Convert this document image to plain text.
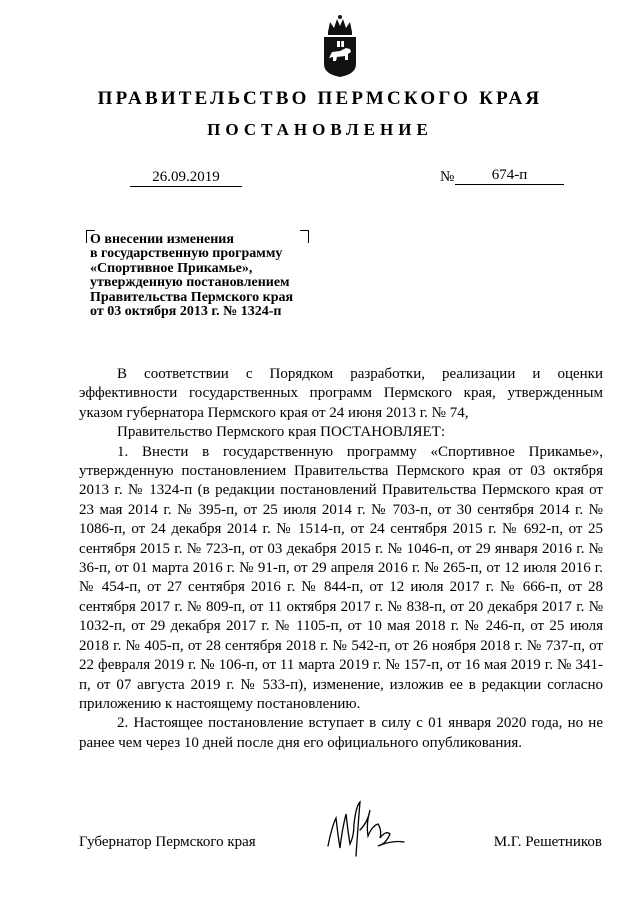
ПРАВИТЕЛЬСТВО ПЕРМСКОГО КРАЯ
ПОСТАНОВЛЕНИЕ
26.09.2019	№	674-п
О внесении изменения
в государственную программу
«Спортивное Прикамье»,
утвержденную постановлением
Правительства Пермского края
от 03 октября 2013 г. № 1324-п

В соответствии с Порядком разработки, реализации и оценки эффективности государственных программ Пермского края, утвержденным указом губернатора Пермского края от 24 июня 2013 г. № 74,

Правительство Пермского края ПОСТАНОВЛЯЕТ:

1. Внести в государственную программу «Спортивное Прикамье», утвержденную постановлением Правительства Пермского края от 03 октября 2013 г. № 1324-п (в редакции постановлений Правительства Пермского края от 23 мая 2014 г. № 395-п, от 25 июля 2014 г. № 703-п, от 30 сентября 2014 г. № 1086-п, от 24 декабря 2014 г. № 1514-п, от 24 сентября 2015 г. № 692-п, от 25 сентября 2015 г. № 723-п, от 03 декабря 2015 г. № 1046-п, от 29 января 2016 г. № 36-п, от 01 марта 2016 г. № 91-п, от 29 апреля 2016 г. № 265-п, от 12 июля 2016 г. № 454-п, от 27 сентября 2016 г. № 844-п, от 12 июля 2017 г. № 666-п, от 28 сентября 2017 г. № 809-п, от 11 октября 2017 г. № 838-п, от 20 декабря 2017 г. № 1032-п, от 29 декабря 2017 г. № 1105-п, от 10 мая 2018 г. № 246-п, от 25 июля 2018 г. № 405-п, от 28 сентября 2018 г. № 542-п, от 26 ноября 2018 г. № 737-п, от 22 февраля 2019 г. № 106-п, от 11 марта 2019 г. № 157-п, от 16 мая 2019 г. № 341-п, от 07 августа 2019 г. № 533-п), изменение, изложив ее в редакции согласно приложению к настоящему постановлению.

2. Настоящее постановление вступает в силу с 01 января 2020 года, но не ранее чем через 10 дней после дня его официального опубликования.

Губернатор Пермского края	М.Г. Решетников
